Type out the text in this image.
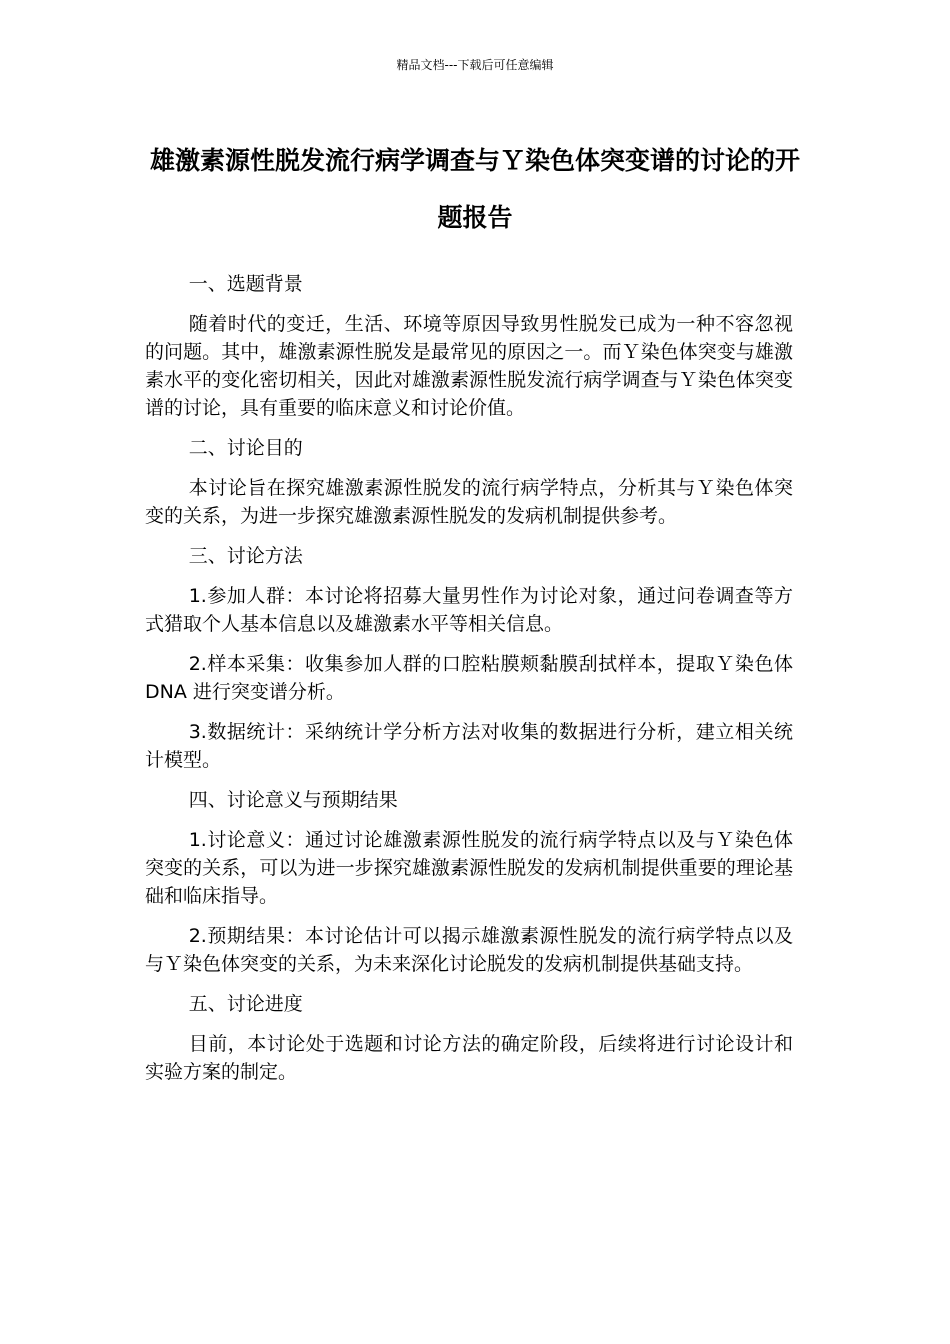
精品文档---下载后可任意编辑
雄激素源性脱发流行病学调查与Ｙ染色体突变谱的讨论的开题报告

一、选题背景

随着时代的变迁，生活、环境等原因导致男性脱发已成为一种不容忽视的问题。其中，雄激素源性脱发是最常见的原因之一。而Ｙ染色体突变与雄激素水平的变化密切相关，因此对雄激素源性脱发流行病学调查与Ｙ染色体突变谱的讨论，具有重要的临床意义和讨论价值。

二、讨论目的

本讨论旨在探究雄激素源性脱发的流行病学特点，分析其与Ｙ染色体突变的关系，为进一步探究雄激素源性脱发的发病机制提供参考。

三、讨论方法

1.参加人群：本讨论将招募大量男性作为讨论对象，通过问卷调查等方式猎取个人基本信息以及雄激素水平等相关信息。

2.样本采集：收集参加人群的口腔粘膜颊黏膜刮拭样本，提取Ｙ染色体 DNA 进行突变谱分析。

3.数据统计：采纳统计学分析方法对收集的数据进行分析，建立相关统计模型。

四、讨论意义与预期结果

1.讨论意义：通过讨论雄激素源性脱发的流行病学特点以及与Ｙ染色体突变的关系，可以为进一步探究雄激素源性脱发的发病机制提供重要的理论基础和临床指导。

2.预期结果：本讨论估计可以揭示雄激素源性脱发的流行病学特点以及与Ｙ染色体突变的关系，为未来深化讨论脱发的发病机制提供基础支持。

五、讨论进度

目前，本讨论处于选题和讨论方法的确定阶段，后续将进行讨论设计和实验方案的制定。
